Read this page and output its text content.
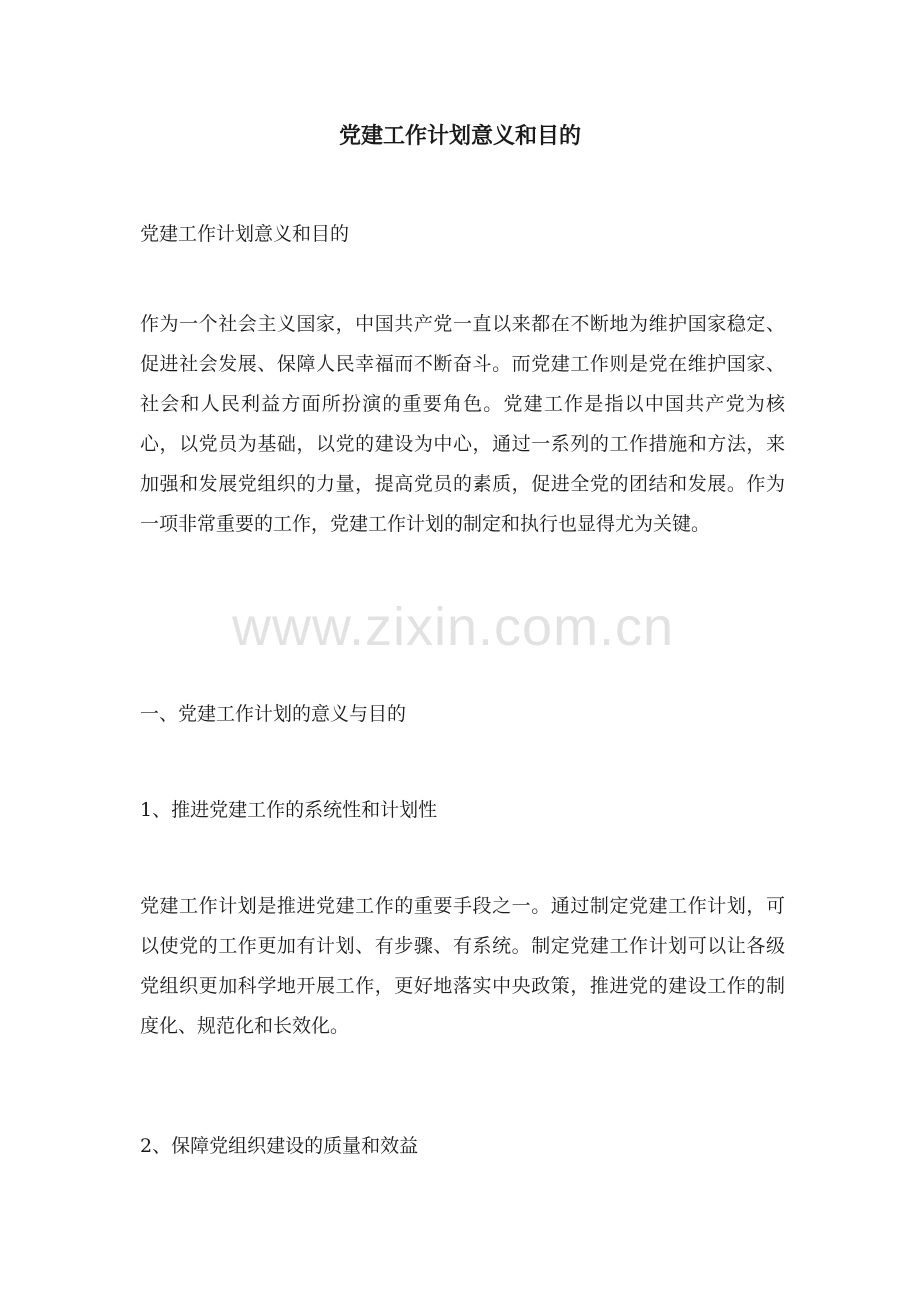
党建工作计划意义和目的
党建工作计划意义和目的
作为一个社会主义国家，中国共产党一直以来都在不断地为维护国家稳定、促进社会发展、保障人民幸福而不断奋斗。而党建工作则是党在维护国家、社会和人民利益方面所扮演的重要角色。党建工作是指以中国共产党为核心，以党员为基础，以党的建设为中心，通过一系列的工作措施和方法，来加强和发展党组织的力量，提高党员的素质，促进全党的团结和发展。作为一项非常重要的工作，党建工作计划的制定和执行也显得尤为关键。
一、党建工作计划的意义与目的
1、推进党建工作的系统性和计划性
党建工作计划是推进党建工作的重要手段之一。通过制定党建工作计划，可以使党的工作更加有计划、有步骤、有系统。制定党建工作计划可以让各级党组织更加科学地开展工作，更好地落实中央政策，推进党的建设工作的制度化、规范化和长效化。
2、保障党组织建设的质量和效益
www.zixin.com.cn
